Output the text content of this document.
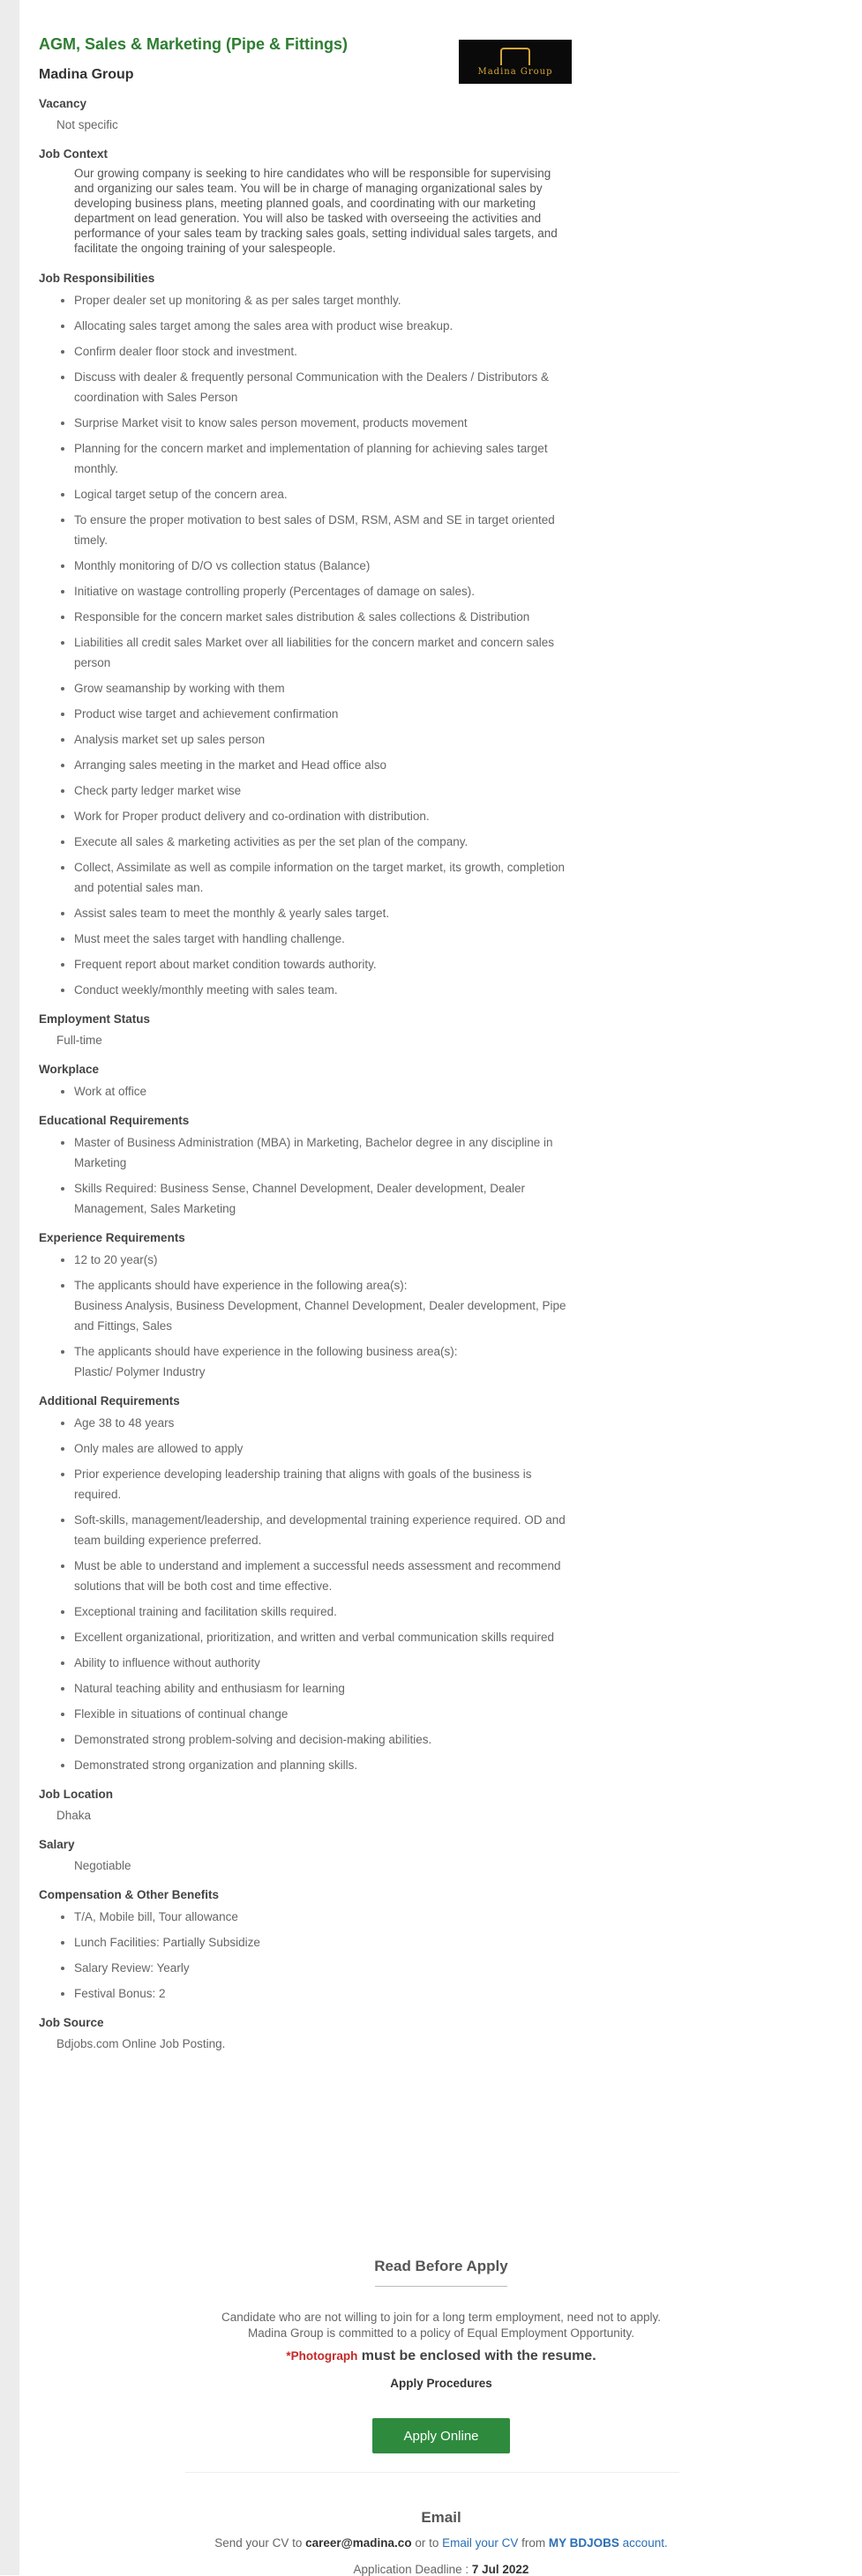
AGM, Sales & Marketing (Pipe & Fittings)
Madina Group	Madina Group
Vacancy

Not specific

Job Context

Our growing company is seeking to hire candidates who will be responsible for supervising and organizing our sales team. You will be in charge of managing organizational sales by developing business plans, meeting planned goals, and coordinating with our marketing department on lead generation. You will also be tasked with overseeing the activities and performance of your sales team by tracking sales goals, setting individual sales targets, and facilitate the ongoing training of your salespeople.

Job Responsibilities
• Proper dealer set up monitoring & as per sales target monthly.
• Allocating sales target among the sales area with product wise breakup.
• Confirm dealer floor stock and investment.
• Discuss with dealer & frequently personal Communication with the Dealers / Distributors & coordination with Sales Person
• Surprise Market visit to know sales person movement, products movement
• Planning for the concern market and implementation of planning for achieving sales target monthly.
• Logical target setup of the concern area.
• To ensure the proper motivation to best sales of DSM, RSM, ASM and SE in target oriented timely.
• Monthly monitoring of D/O vs collection status (Balance)
• Initiative on wastage controlling properly (Percentages of damage on sales).
• Responsible for the concern market sales distribution & sales collections & Distribution
• Liabilities all credit sales Market over all liabilities for the concern market and concern sales person
• Grow seamanship by working with them
• Product wise target and achievement confirmation
• Analysis market set up sales person
• Arranging sales meeting in the market and Head office also
• Check party ledger market wise
• Work for Proper product delivery and co-ordination with distribution.
• Execute all sales & marketing activities as per the set plan of the company.
• Collect, Assimilate as well as compile information on the target market, its growth, completion and potential sales man.
• Assist sales team to meet the monthly & yearly sales target.
• Must meet the sales target with handling challenge.
• Frequent report about market condition towards authority.
• Conduct weekly/monthly meeting with sales team.
Employment Status

Full-time

Workplace
• Work at office
Educational Requirements
• Master of Business Administration (MBA) in Marketing, Bachelor degree in any discipline in Marketing
• Skills Required: Business Sense, Channel Development, Dealer development, Dealer Management, Sales Marketing
Experience Requirements
• 12 to 20 year(s)
• The applicants should have experience in the following area(s):
Business Analysis, Business Development, Channel Development, Dealer development, Pipe and Fittings, Sales
• The applicants should have experience in the following business area(s):
Plastic/ Polymer Industry
Additional Requirements
• Age 38 to 48 years
• Only males are allowed to apply
• Prior experience developing leadership training that aligns with goals of the business is required.
• Soft-skills, management/leadership, and developmental training experience required. OD and team building experience preferred.
• Must be able to understand and implement a successful needs assessment and recommend solutions that will be both cost and time effective.
• Exceptional training and facilitation skills required.
• Excellent organizational, prioritization, and written and verbal communication skills required
• Ability to influence without authority
• Natural teaching ability and enthusiasm for learning
• Flexible in situations of continual change
• Demonstrated strong problem-solving and decision-making abilities.
• Demonstrated strong organization and planning skills.
Job Location

Dhaka

Salary

Negotiable

Compensation & Other Benefits
• T/A, Mobile bill, Tour allowance
• Lunch Facilities: Partially Subsidize
• Salary Review: Yearly
• Festival Bonus: 2
Job Source

Bdjobs.com Online Job Posting.

Read Before Apply
Candidate who are not willing to join for a long term employment, need not to apply.
Madina Group is committed to a policy of Equal Employment Opportunity.
*Photograph must be enclosed with the resume.
Apply Procedures
Apply Online
Email
Send your CV to career@madina.co or to Email your CV from MY BDJOBS account.
Application Deadline : 7 Jul 2022
